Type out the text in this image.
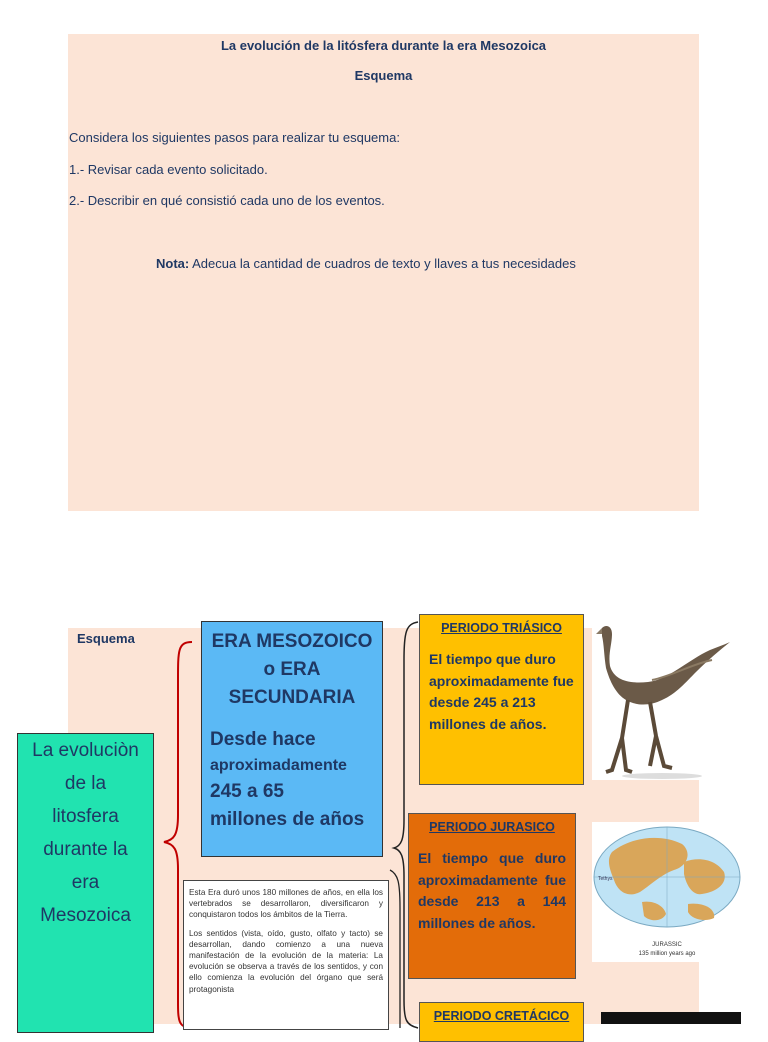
La evolución de la litósfera durante la era Mesozoica
Esquema
Considera los siguientes pasos para realizar tu esquema:
1.- Revisar cada evento solicitado.
2.- Describir en qué consistió cada uno de los eventos.
Nota: Adecua la cantidad de cuadros de texto y llaves a tus necesidades
Esquema
La evoluciòn
de la
litosfera
durante la
era
Mesozoica
ERA MESOZOICO
o ERA
SECUNDARIA
Desde hace
aproximadamente
245 a 65
millones de años

Esta Era duró unos 180 millones de años, en ella los vertebrados se desarrollaron, diversificaron y conquistaron todos los ámbitos de la Tierra.

Los sentidos (vista, oído, gusto, olfato y tacto) se desarrollan, dando comienzo a una nueva manifestación de la evolución de la materia: La evolución se observa a través de los sentidos, y con ello comienza la evolución del órgano que será protagonista

PERIODO TRIÁSICO
El tiempo que duro aproximadamente fue desde 245 a 213 millones de años.
PERIODO JURASICO
El tiempo que duro aproximadamente fue desde 213 a 144 millones de años.
PERIODO CRETÁCICO
Tethys
JURASSIC
135 million years ago
